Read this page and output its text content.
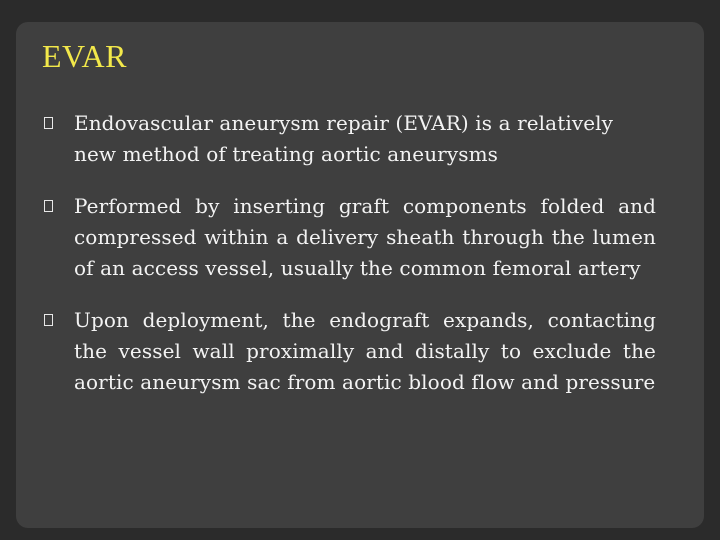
EVAR
Endovascular aneurysm repair (EVAR) is a relatively new method of treating aortic aneurysms
Performed by inserting graft components folded and compressed within a delivery sheath through the lumen of an access vessel, usually the common femoral artery
Upon deployment, the endograft expands, contacting the vessel wall proximally and distally to exclude the aortic aneurysm sac from aortic blood flow and pressure
